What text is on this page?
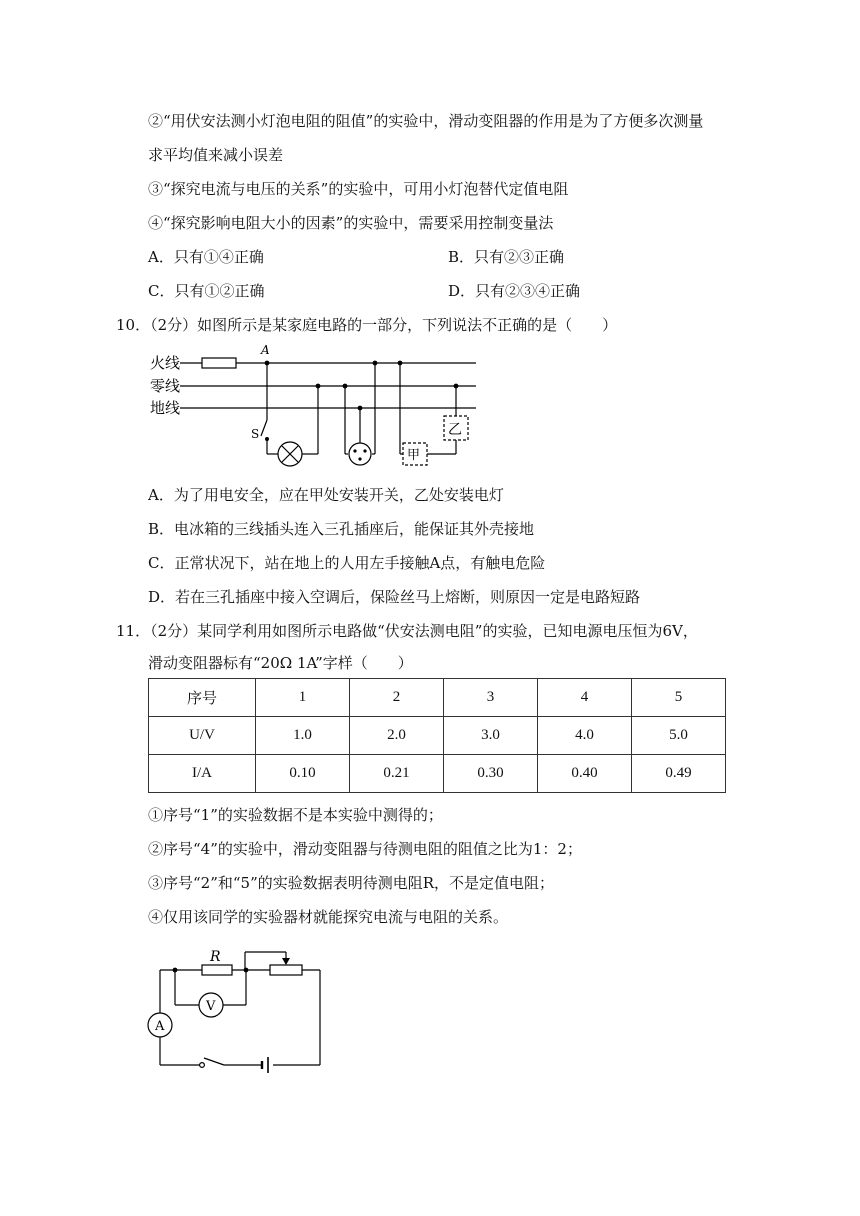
②“用伏安法测小灯泡电阻的阻值”的实验中，滑动变阻器的作用是为了方便多次测量
求平均值来减小误差
③“探究电流与电压的关系”的实验中，可用小灯泡替代定值电阻
④“探究影响电阻大小的因素”的实验中，需要采用控制变量法
A．只有①④正确	B．只有②③正确
C．只有①②正确	D．只有②③④正确
10．（2分）如图所示是某家庭电路的一部分，下列说法不正确的是（　　）
火线
零线
地线
A
S
甲
乙
A．为了用电安全，应在甲处安装开关，乙处安装电灯
B．电冰箱的三线插头连入三孔插座后，能保证其外壳接地
C．正常状况下，站在地上的人用左手接触A点，有触电危险
D．若在三孔插座中接入空调后，保险丝马上熔断，则原因一定是电路短路
11．（2分）某同学利用如图所示电路做“伏安法测电阻”的实验，已知电源电压恒为6V，
滑动变阻器标有“20Ω 1A”字样（　　）
序号	1	2	3	4	5
U/V	1.0	2.0	3.0	4.0	5.0
I/A	0.10	0.21	0.30	0.40	0.49
①序号“1”的实验数据不是本实验中测得的；
②序号“4”的实验中，滑动变阻器与待测电阻的阻值之比为1：2；
③序号“2”和“5”的实验数据表明待测电阻R，不是定值电阻；
④仅用该同学的实验器材就能探究电流与电阻的关系。
R
V
A
